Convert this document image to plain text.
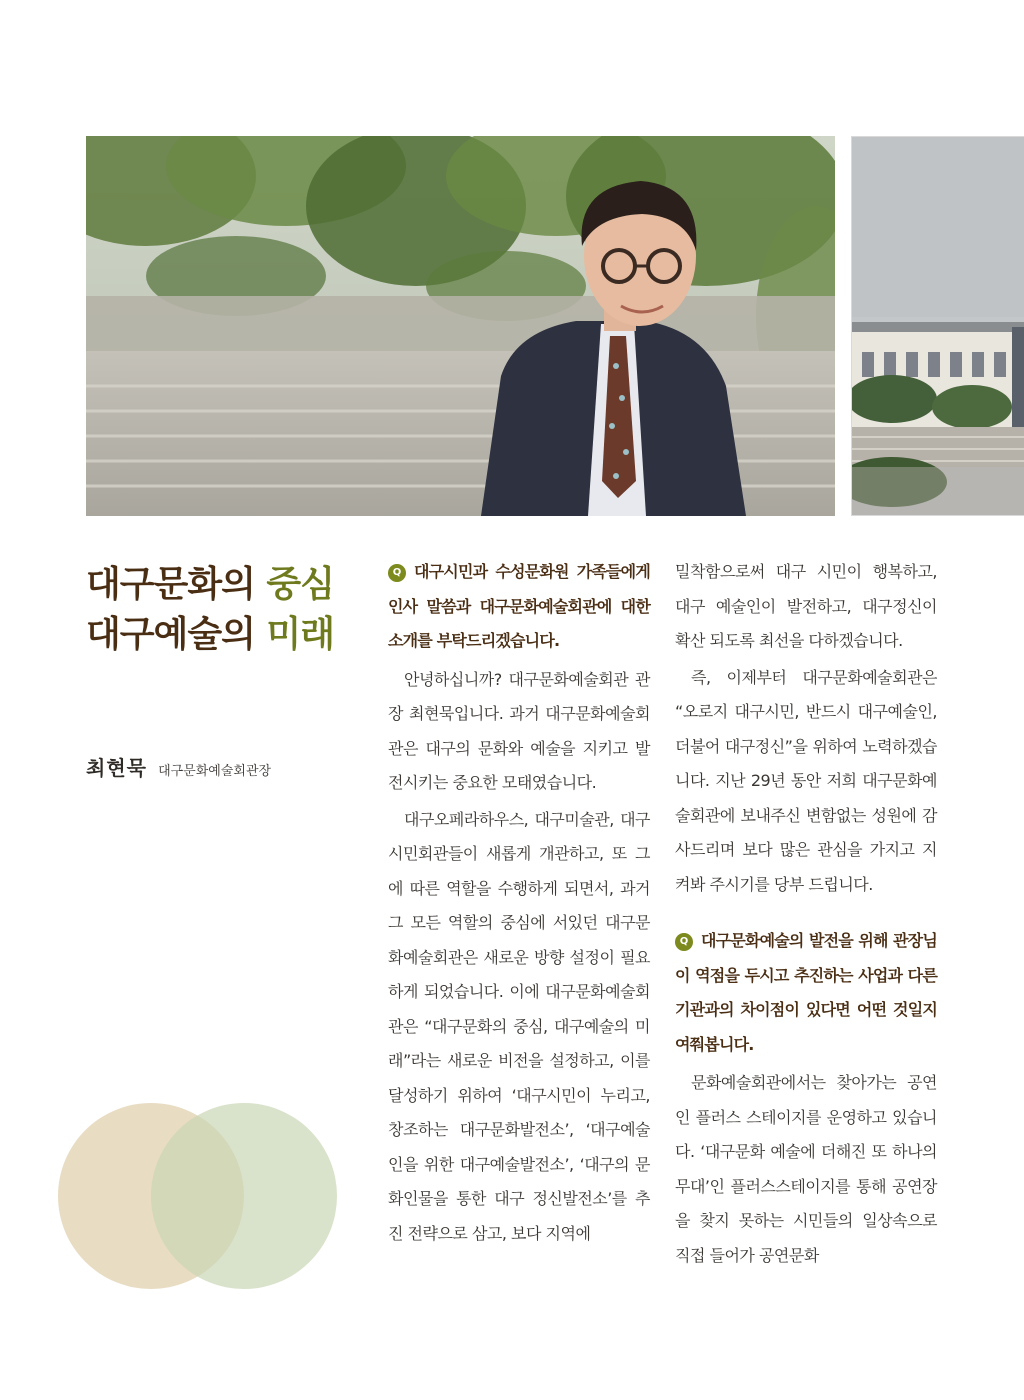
대구문화의 중심
대구예술의 미래
최현묵 대구문화예술회관장
Q 대구시민과 수성문화원 가족들에게 인사 말씀과 대구문화예술회관에 대한 소개를 부탁드리겠습니다.

안녕하십니까? 대구문화예술회관 관장 최현묵입니다. 과거 대구문화예술회관은 대구의 문화와 예술을 지키고 발전시키는 중요한 모태였습니다.

대구오페라하우스, 대구미술관, 대구시민회관들이 새롭게 개관하고, 또 그에 따른 역할을 수행하게 되면서, 과거 그 모든 역할의 중심에 서있던 대구문화예술회관은 새로운 방향 설정이 필요하게 되었습니다. 이에 대구문화예술회관은 “대구문화의 중심, 대구예술의 미래”라는 새로운 비전을 설정하고, 이를 달성하기 위하여 ‘대구시민이 누리고, 창조하는 대구문화발전소’, ‘대구예술인을 위한 대구예술발전소’, ‘대구의 문화인물을 통한 대구 정신발전소’를 추진 전략으로 삼고, 보다 지역에

밀착함으로써 대구 시민이 행복하고, 대구 예술인이 발전하고, 대구정신이 확산 되도록 최선을 다하겠습니다.

즉, 이제부터 대구문화예술회관은 “오로지 대구시민, 반드시 대구예술인, 더불어 대구정신”을 위하여 노력하겠습니다. 지난 29년 동안 저희 대구문화예술회관에 보내주신 변함없는 성원에 감사드리며 보다 많은 관심을 가지고 지켜봐 주시기를 당부 드립니다.

Q 대구문화예술의 발전을 위해 관장님이 역점을 두시고 추진하는 사업과 다른 기관과의 차이점이 있다면 어떤 것일지 여쭤봅니다.

문화예술회관에서는 찾아가는 공연인 플러스 스테이지를 운영하고 있습니다. ‘대구문화 예술에 더해진 또 하나의 무대’인 플러스스테이지를 통해 공연장을 찾지 못하는 시민들의 일상속으로 직접 들어가 공연문화
